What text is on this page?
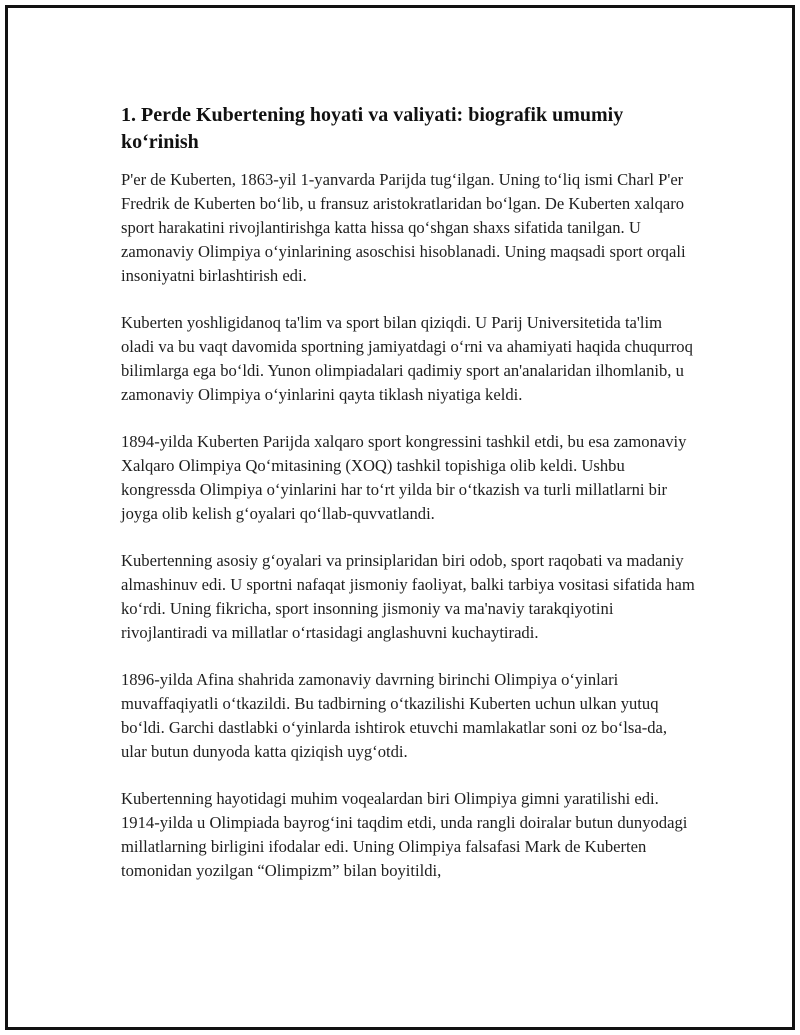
1. Perde Kubertening hoyati va valiyati: biografik umumiy ko‘rinish

P'er de Kuberten, 1863-yil 1-yanvarda Parijda tug‘ilgan. Uning to‘liq ismi Charl P'er Fredrik de Kuberten bo‘lib, u fransuz aristokratlaridan bo‘lgan. De Kuberten xalqaro sport harakatini rivojlantirishga katta hissa qo‘shgan shaxs sifatida tanilgan. U zamonaviy Olimpiya o‘yinlarining asoschisi hisoblanadi. Uning maqsadi sport orqali insoniyatni birlashtirish edi.

Kuberten yoshligidanoq ta'lim va sport bilan qiziqdi. U Parij Universitetida ta'lim oladi va bu vaqt davomida sportning jamiyatdagi o‘rni va ahamiyati haqida chuqurroq bilimlarga ega bo‘ldi. Yunon olimpiadalari qadimiy sport an'analaridan ilhomlanib, u zamonaviy Olimpiya o‘yinlarini qayta tiklash niyatiga keldi.

1894-yilda Kuberten Parijda xalqaro sport kongressini tashkil etdi, bu esa zamonaviy Xalqaro Olimpiya Qo‘mitasining (XOQ) tashkil topishiga olib keldi. Ushbu kongressda Olimpiya o‘yinlarini har to‘rt yilda bir o‘tkazish va turli millatlarni bir joyga olib kelish g‘oyalari qo‘llab-quvvatlandi.

Kubertenning asosiy g‘oyalari va prinsiplaridan biri odob, sport raqobati va madaniy almashinuv edi. U sportni nafaqat jismoniy faoliyat, balki tarbiya vositasi sifatida ham ko‘rdi. Uning fikricha, sport insonning jismoniy va ma'naviy tarakqiyotini rivojlantiradi va millatlar o‘rtasidagi anglashuvni kuchaytiradi.

1896-yilda Afina shahrida zamonaviy davrning birinchi Olimpiya o‘yinlari muvaffaqiyatli o‘tkazildi. Bu tadbirning o‘tkazilishi Kuberten uchun ulkan yutuq bo‘ldi. Garchi dastlabki o‘yinlarda ishtirok etuvchi mamlakatlar soni oz bo‘lsa-da, ular butun dunyoda katta qiziqish uyg‘otdi.

Kubertenning hayotidagi muhim voqealardan biri Olimpiya gimni yaratilishi edi. 1914-yilda u Olimpiada bayrog‘ini taqdim etdi, unda rangli doiralar butun dunyodagi millatlarning birligini ifodalar edi. Uning Olimpiya falsafasi Mark de Kuberten tomonidan yozilgan “Olimpizm” bilan boyitildi,
